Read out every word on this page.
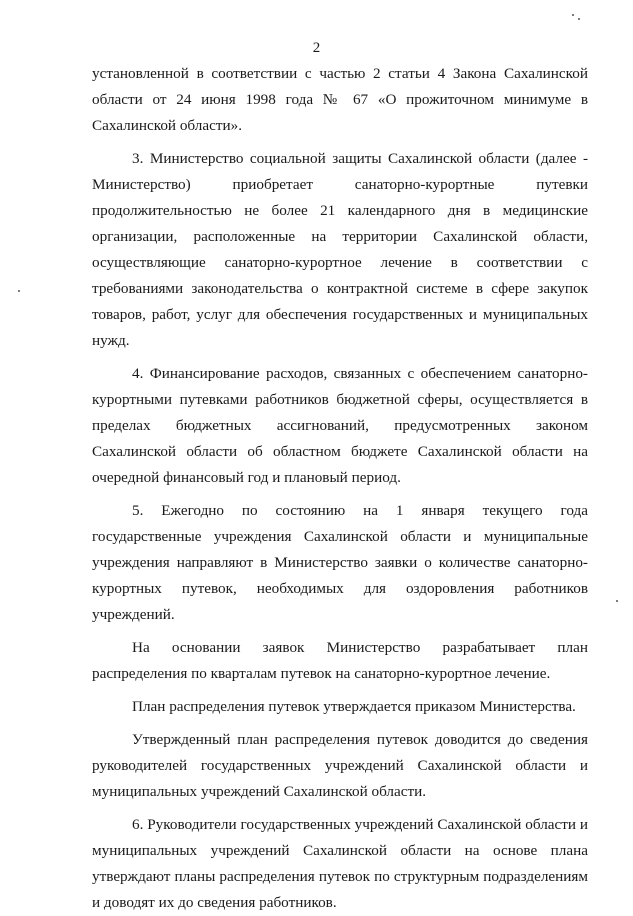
2

установленной в соответствии с частью 2 статьи 4 Закона Сахалинской области от 24 июня 1998 года № 67 «О прожиточном минимуме в Сахалинской области».

3. Министерство социальной защиты Сахалинской области (далее - Министерство) приобретает санаторно-курортные путевки продолжительностью не более 21 календарного дня в медицинские организации, расположенные на территории Сахалинской области, осуществляющие санаторно-курортное лечение в соответствии с требованиями законодательства о контрактной системе в сфере закупок товаров, работ, услуг для обеспечения государственных и муниципальных нужд.

4. Финансирование расходов, связанных с обеспечением санаторно-курортными путевками работников бюджетной сферы, осуществляется в пределах бюджетных ассигнований, предусмотренных законом Сахалинской области об областном бюджете Сахалинской области на очередной финансовый год и плановый период.

5. Ежегодно по состоянию на 1 января текущего года государственные учреждения Сахалинской области и муниципальные учреждения направляют в Министерство заявки о количестве санаторно-курортных путевок, необходимых для оздоровления работников учреждений.

На основании заявок Министерство разрабатывает план распределения по кварталам путевок на санаторно-курортное лечение.

План распределения путевок утверждается приказом Министерства.

Утвержденный план распределения путевок доводится до сведения руководителей государственных учреждений Сахалинской области и муниципальных учреждений Сахалинской области.

6. Руководители государственных учреждений Сахалинской области и муниципальных учреждений Сахалинской области на основе плана утверждают планы распределения путевок по структурным подразделениям и доводят их до сведения работников.
